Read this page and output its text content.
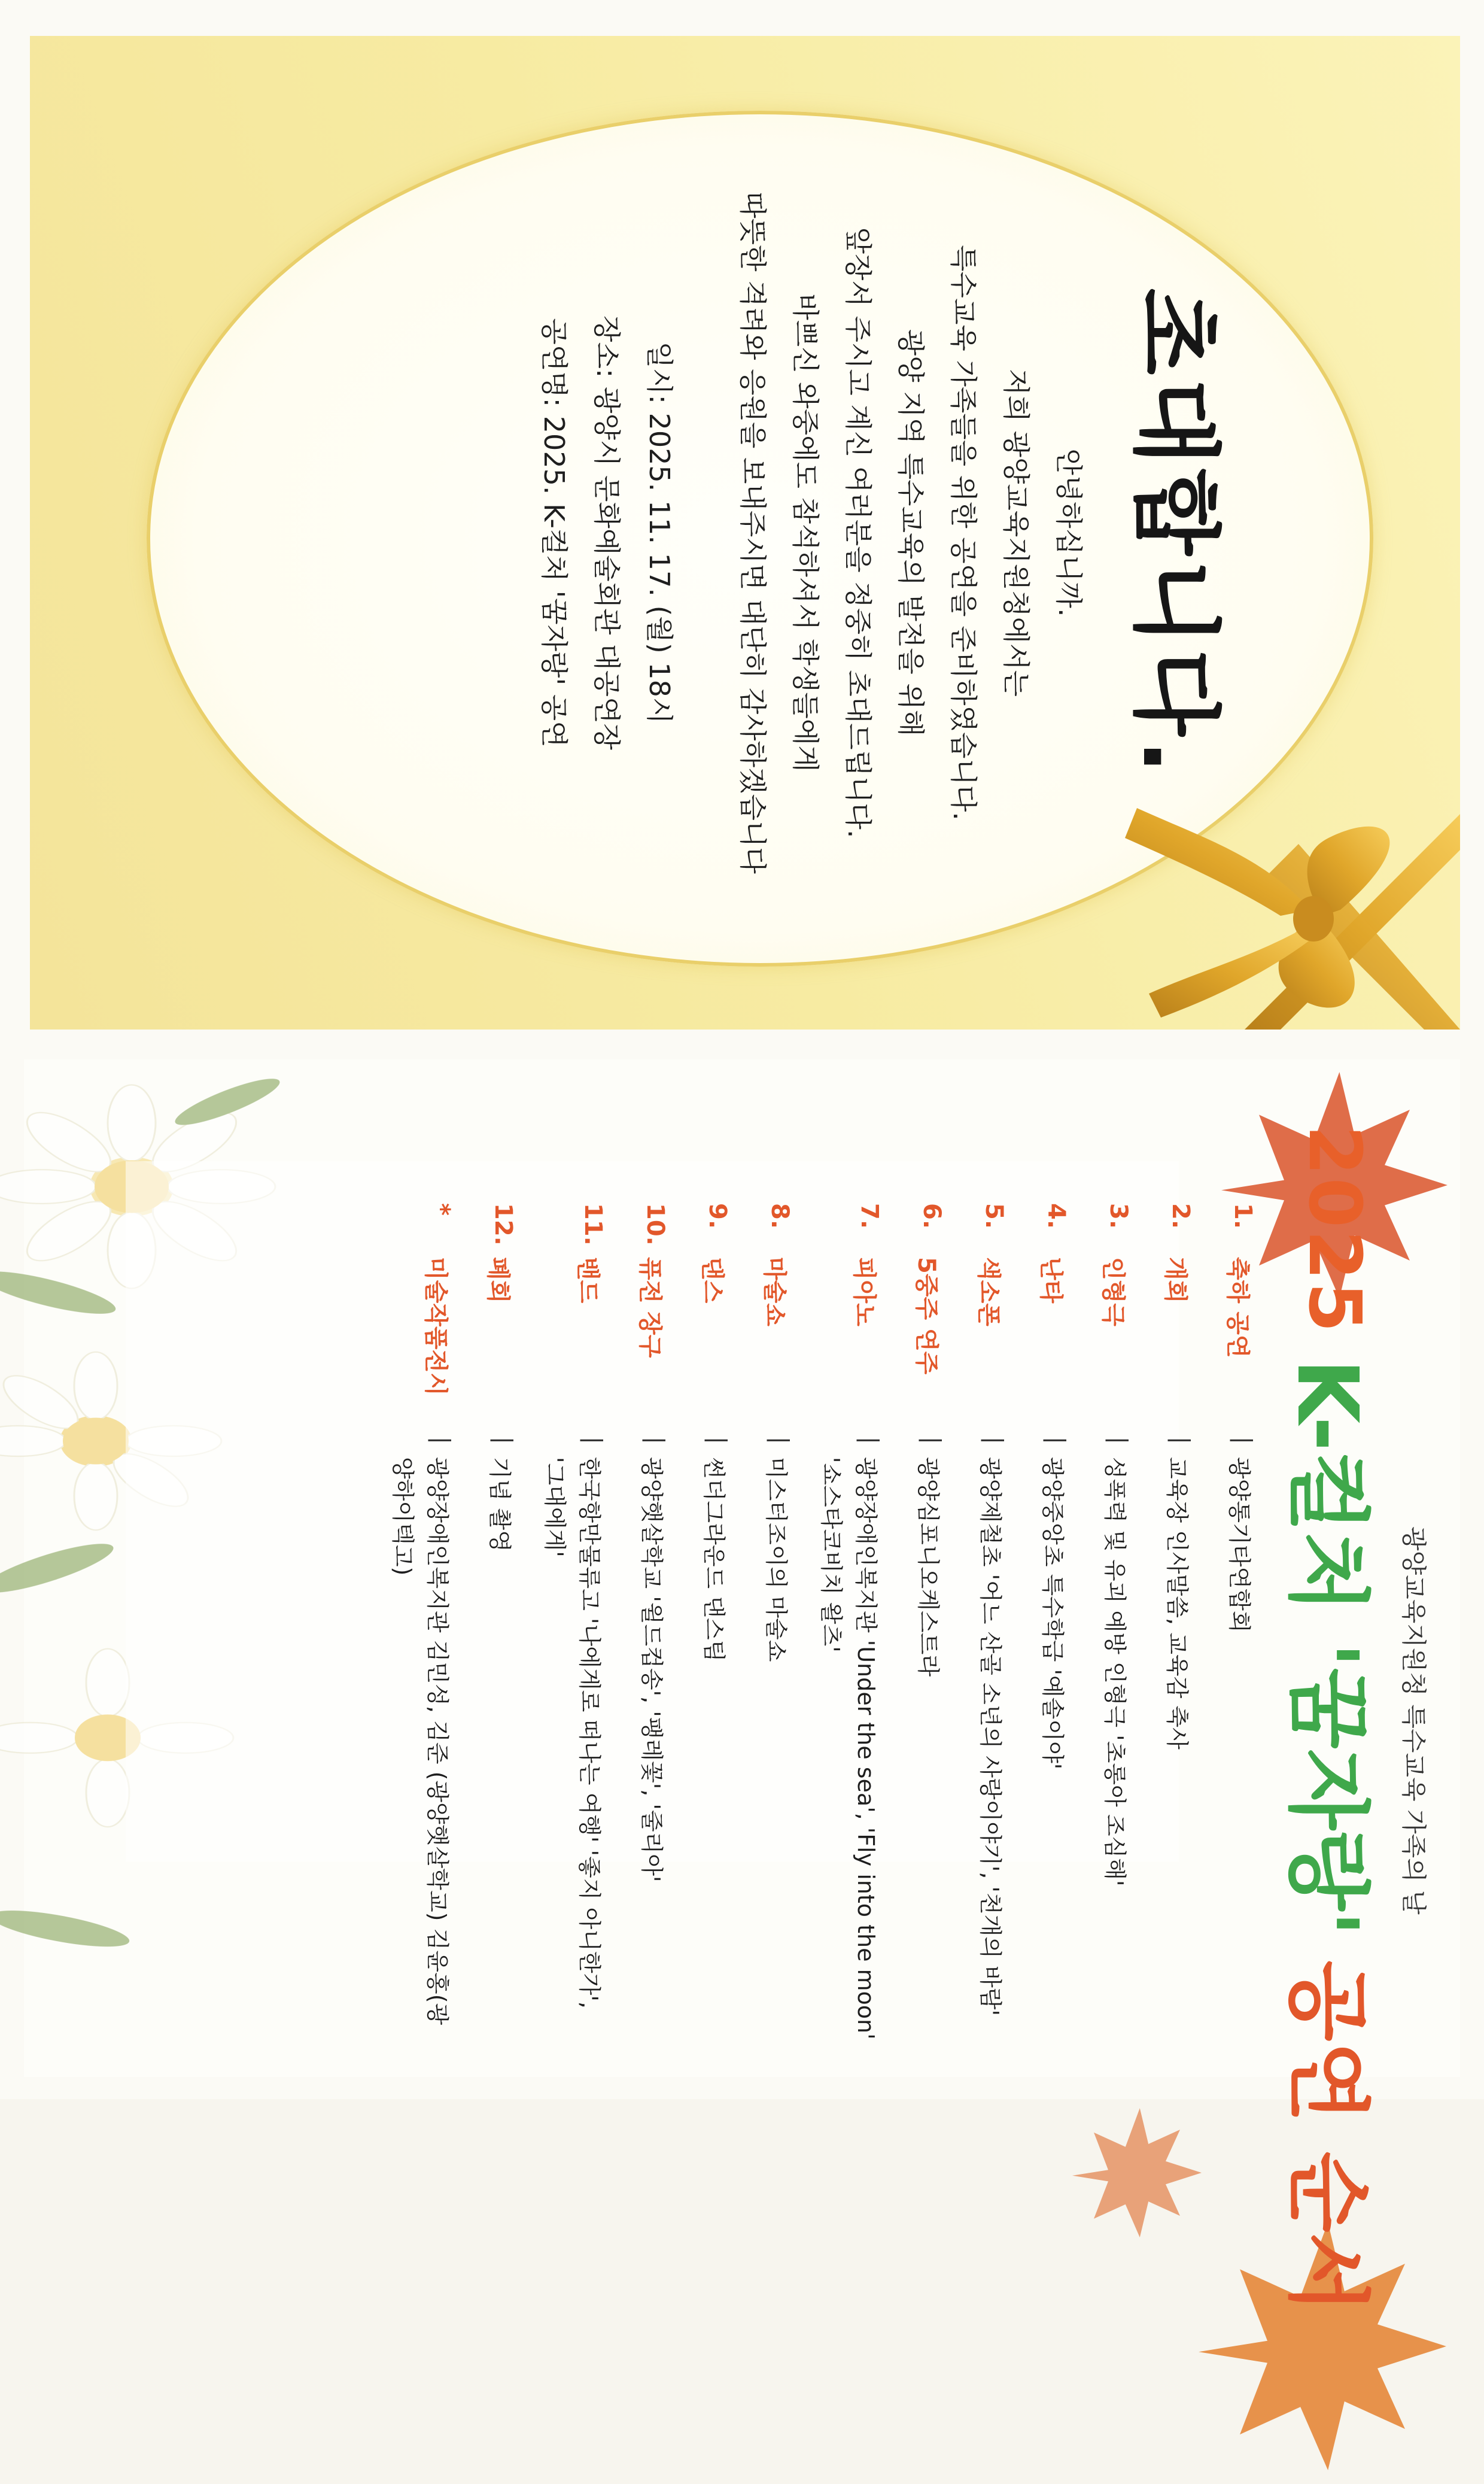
초대합니다.
안녕하십니까.
저희 광양교육지원청에서는
특수교육 가족들을 위한 공연을 준비하였습니다.
광양 지역 특수교육의 발전을 위해
앞장서 주시고 계신 여러분을 정중히 초대드립니다.
바쁘신 와중에도 참석하셔서 학생들에게
따뜻한 격려와 응원을 보내주시면 대단히 감사하겠습니다
일시: 2025. 11. 17. (월) 18시
장소: 광양시 문화예술회관 대공연장
공연명: 2025. K-컬처 '꿈자랑' 공연
광양교육지원청 특수교육 가족의 날
2025K-컬처 '꿈자랑'공연 순서
1.
축하 공연
|
광양통기타연합회
2.
개회
|
교육장 인사말씀, 교육감 축사
3.
인형극
|
성폭력 및 유괴 예방 인형극 '초롱아 조심해'
4.
난타
|
광양중앙초 특수학급 '예솔이야'
5.
색소폰
|
광양제철초 '어느 산골 소년의 사랑이야기', '천개의 바람'
6.
5중주 연주
|
광양심포니오케스트라
7.
피아노
|
광양장애인복지관 'Under the sea', 'Fly into the moon' '쇼스타코비치 왈츠'
8.
마술쇼
|
미스터조이의 마술쇼
9.
댄스
|
썬더그라운드 댄스팀
10.
퓨전 장구
|
광양햇살학교 '윌드컵송', '팽레꽃', '줄리아'
11.
밴드
|
한국항만물류고 '나에게로 떠나는 여행' '좋지 아니한가', '그대에게'
12.
폐회
|
기념 촬영
*
미술작품전시
|
광양장애인복지관 김민성, 김준 (광양햇살학교) 김윤홍(광양하이텍고)
